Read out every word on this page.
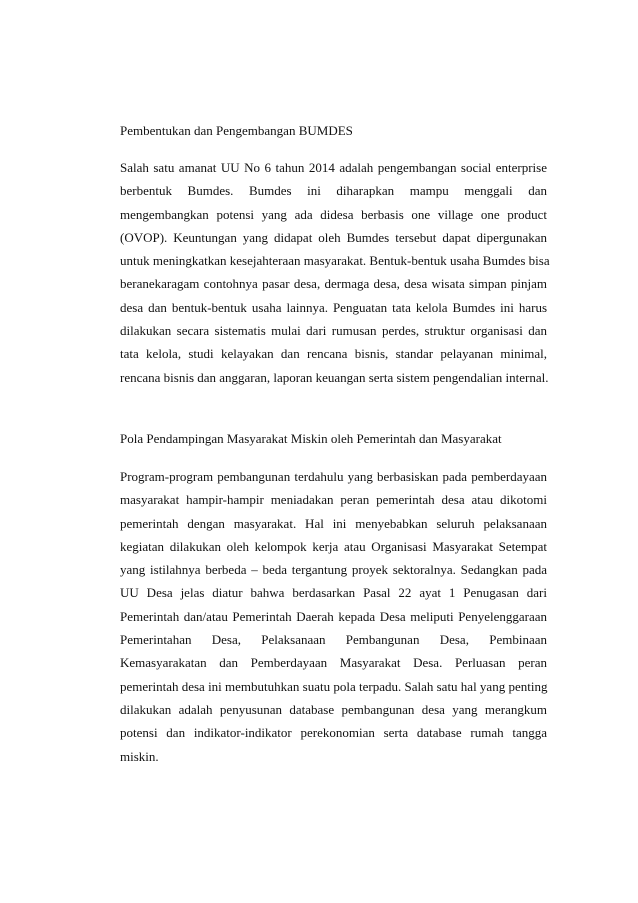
Pembentukan dan Pengembangan BUMDES

Salah satu amanat UU No 6 tahun 2014 adalah pengembangan social enterprise
berbentuk Bumdes. Bumdes ini diharapkan mampu menggali dan
mengembangkan potensi yang ada didesa berbasis one village one product
(OVOP). Keuntungan yang didapat oleh Bumdes tersebut dapat dipergunakan
untuk meningkatkan kesejahteraan masyarakat. Bentuk-bentuk usaha Bumdes bisa
beranekaragam contohnya pasar desa, dermaga desa, desa wisata simpan pinjam
desa dan bentuk-bentuk usaha lainnya. Penguatan tata kelola Bumdes ini harus
dilakukan secara sistematis mulai dari rumusan perdes, struktur organisasi dan
tata kelola, studi kelayakan dan rencana bisnis, standar pelayanan minimal,
rencana bisnis dan anggaran, laporan keuangan serta sistem pengendalian internal.

Pola Pendampingan Masyarakat Miskin oleh Pemerintah dan Masyarakat

Program-program pembangunan terdahulu yang berbasiskan pada pemberdayaan
masyarakat hampir-hampir meniadakan peran pemerintah desa atau dikotomi
pemerintah dengan masyarakat. Hal ini menyebabkan seluruh pelaksanaan
kegiatan dilakukan oleh kelompok kerja atau Organisasi Masyarakat Setempat
yang istilahnya berbeda – beda tergantung proyek sektoralnya. Sedangkan pada
UU Desa jelas diatur bahwa berdasarkan Pasal 22 ayat 1 Penugasan dari
Pemerintah dan/atau Pemerintah Daerah kepada Desa meliputi Penyelenggaraan
Pemerintahan Desa, Pelaksanaan Pembangunan Desa, Pembinaan
Kemasyarakatan dan Pemberdayaan Masyarakat Desa. Perluasan peran
pemerintah desa ini membutuhkan suatu pola terpadu. Salah satu hal yang penting
dilakukan adalah penyusunan database pembangunan desa yang merangkum
potensi dan indikator-indikator perekonomian serta database rumah tangga
miskin.
